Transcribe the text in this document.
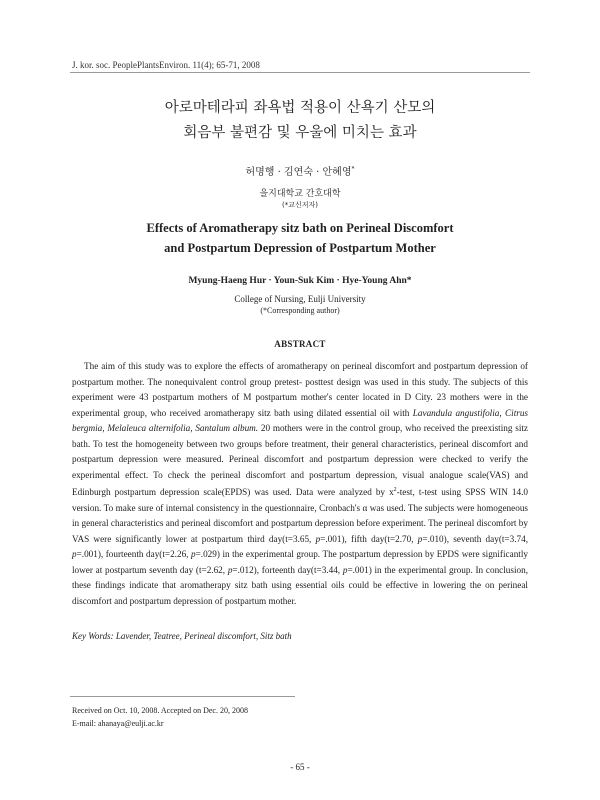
J. kor. soc. PeoplePlantsEnviron. 11(4); 65-71, 2008
아로마테라피 좌욕법 적용이 산욕기 산모의
회음부 불편감 및 우울에 미치는 효과
허명행 · 김연숙 · 안혜영*
을지대학교 간호대학
(*교신저자)
Effects of Aromatherapy sitz bath on Perineal Discomfort
and Postpartum Depression of Postpartum Mother
Myung-Haeng Hur · Youn-Suk Kim · Hye-Young Ahn*
College of Nursing, Eulji University
(*Corresponding author)
ABSTRACT

The aim of this study was to explore the effects of aromatherapy on perineal discomfort and postpartum depression of postpartum mother. The nonequivalent control group pretest- posttest design was used in this study. The subjects of this experiment were 43 postpartum mothers of M postpartum mother's center located in D City. 23 mothers were in the experimental group, who received aromatherapy sitz bath using dilated essential oil with Lavandula angustifolia, Citrus bergmia, Melaleuca alternifolia, Santalum album. 20 mothers were in the control group, who received the preexisting sitz bath. To test the homogeneity between two groups before treatment, their general characteristics, perineal discomfort and postpartum depression were measured. Perineal discomfort and postpartum depression were checked to verify the experimental effect. To check the perineal discomfort and postpartum depression, visual analogue scale(VAS) and Edinburgh postpartum depression scale(EPDS) was used. Data were analyzed by $x^2$-test, t-test using SPSS WIN 14.0 version. To make sure of internal consistency in the questionnaire, Cronbach's α was used. The subjects were homogeneous in general characteristics and perineal discomfort and postpartum depression before experiment. The perineal discomfort by VAS were significantly lower at postpartum third day(t=3.65, p=.001), fifth day(t=2.70, p=.010), seventh day(t=3.74, p=.001), fourteenth day(t=2.26, p=.029) in the experimental group. The postpartum depression by EPDS were significantly lower at postpartum seventh day (t=2.62, p=.012), forteenth day(t=3.44, p=.001) in the experimental group. In conclusion, these findings indicate that aromatherapy sitz bath using essential oils could be effective in lowering the on perineal discomfort and postpartum depression of postpartum mother.

Key Words: Lavender, Teatree, Perineal discomfort, Sitz bath
Received on Oct. 10, 2008. Accepted on Dec. 20, 2008
E-mail: ahanaya@eulji.ac.kr
- 65 -
